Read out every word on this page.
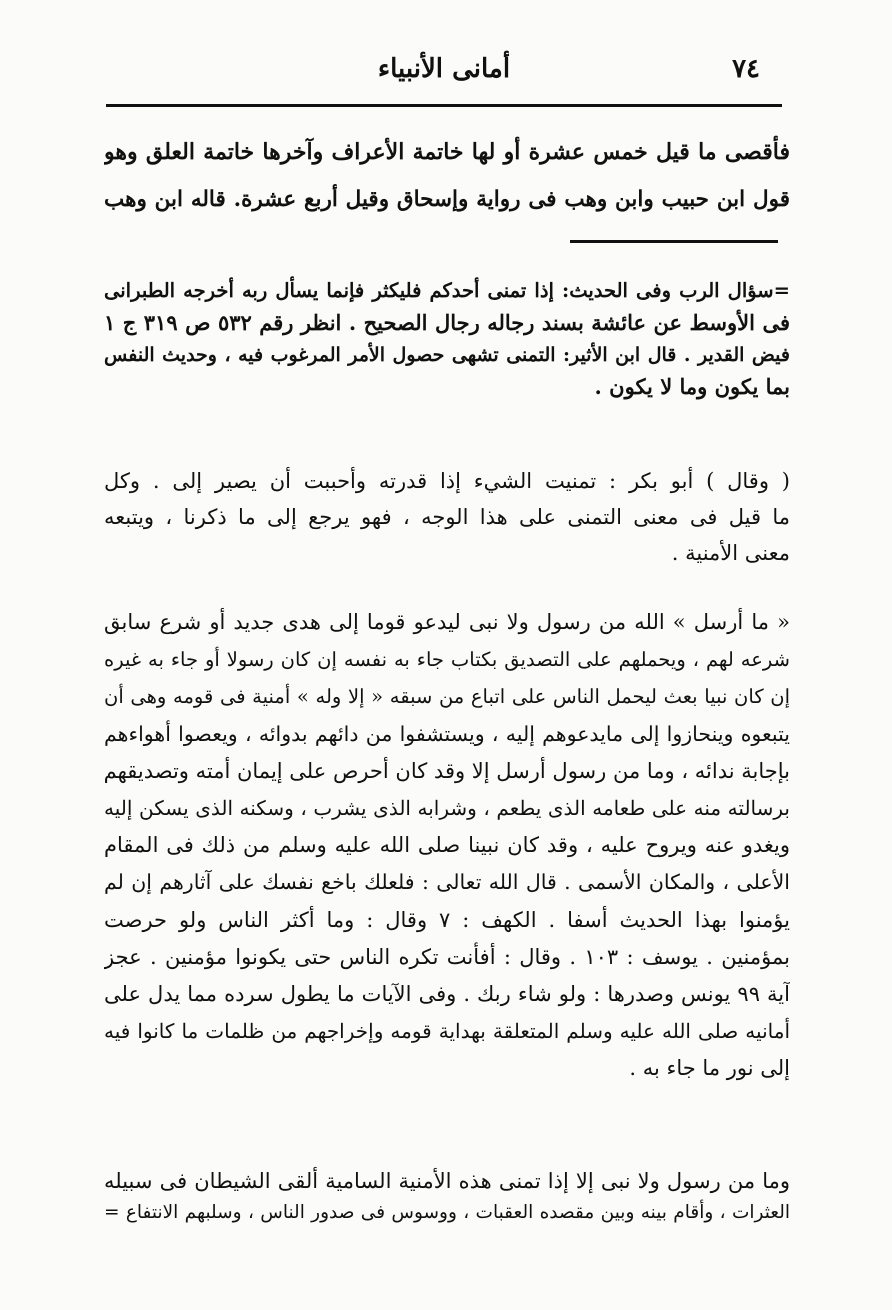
٧٤
أمانى الأنبياء
فأقصى ما قيل خمس عشرة أو لها خاتمة الأعراف وآخرها خاتمة العلق وهو
قول ابن حبيب وابن وهب فى رواية وإسحاق وقيل أربع عشرة. قاله ابن وهب
=سؤال الرب وفى الحديث: إذا تمنى أحدكم فليكثر فإنما يسأل ربه أخرجه الطبرانى
فى الأوسط عن عائشة بسند رجاله رجال الصحيح . انظر رقم ٥٣٢ ص ٣١٩ ج ١
فيض القدير . قال ابن الأثير: التمنى تشهى حصول الأمر المرغوب فيه ، وحديث النفس
بما يكون وما لا يكون .
( وقال ) أبو بكر : تمنيت الشيء إذا قدرته وأحببت أن يصير إلى . وكل
ما قيل فى معنى التمنى على هذا الوجه ، فهو يرجع إلى ما ذكرنا ، ويتبعه
معنى الأمنية .
« ما أرسل » الله من رسول ولا نبى ليدعو قوما إلى هدى جديد أو شرع سابق
شرعه لهم ، ويحملهم على التصديق بكتاب جاء به نفسه إن كان رسولا أو جاء به غيره
إن كان نبيا بعث ليحمل الناس على اتباع من سبقه « إلا وله » أمنية فى قومه وهى أن
يتبعوه وينحازوا إلى مايدعوهم إليه ، ويستشفوا من دائهم بدوائه ، ويعصوا أهواءهم
بإجابة ندائه ، وما من رسول أرسل إلا وقد كان أحرص على إيمان أمته وتصديقهم
برسالته منه على طعامه الذى يطعم ، وشرابه الذى يشرب ، وسكنه الذى يسكن إليه
ويغدو عنه ويروح عليه ، وقد كان نبينا صلى الله عليه وسلم من ذلك فى المقام
الأعلى ، والمكان الأسمى . قال الله تعالى : فلعلك باخع نفسك على آثارهم إن لم
يؤمنوا بهذا الحديث أسفا . الكهف : ٧ وقال : وما أكثر الناس ولو حرصت
بمؤمنين . يوسف : ١٠٣ . وقال : أفأنت تكره الناس حتى يكونوا مؤمنين . عجز
آية ٩٩ يونس وصدرها : ولو شاء ربك . وفى الآيات ما يطول سرده مما يدل على
أمانيه صلى الله عليه وسلم المتعلقة بهداية قومه وإخراجهم من ظلمات ما كانوا فيه
إلى نور ما جاء به .
وما من رسول ولا نبى إلا إذا تمنى هذه الأمنية السامية ألقى الشيطان فى سبيله
العثرات ، وأقام بينه وبين مقصده العقبات ، ووسوس فى صدور الناس ، وسلبهم الانتفاع =
